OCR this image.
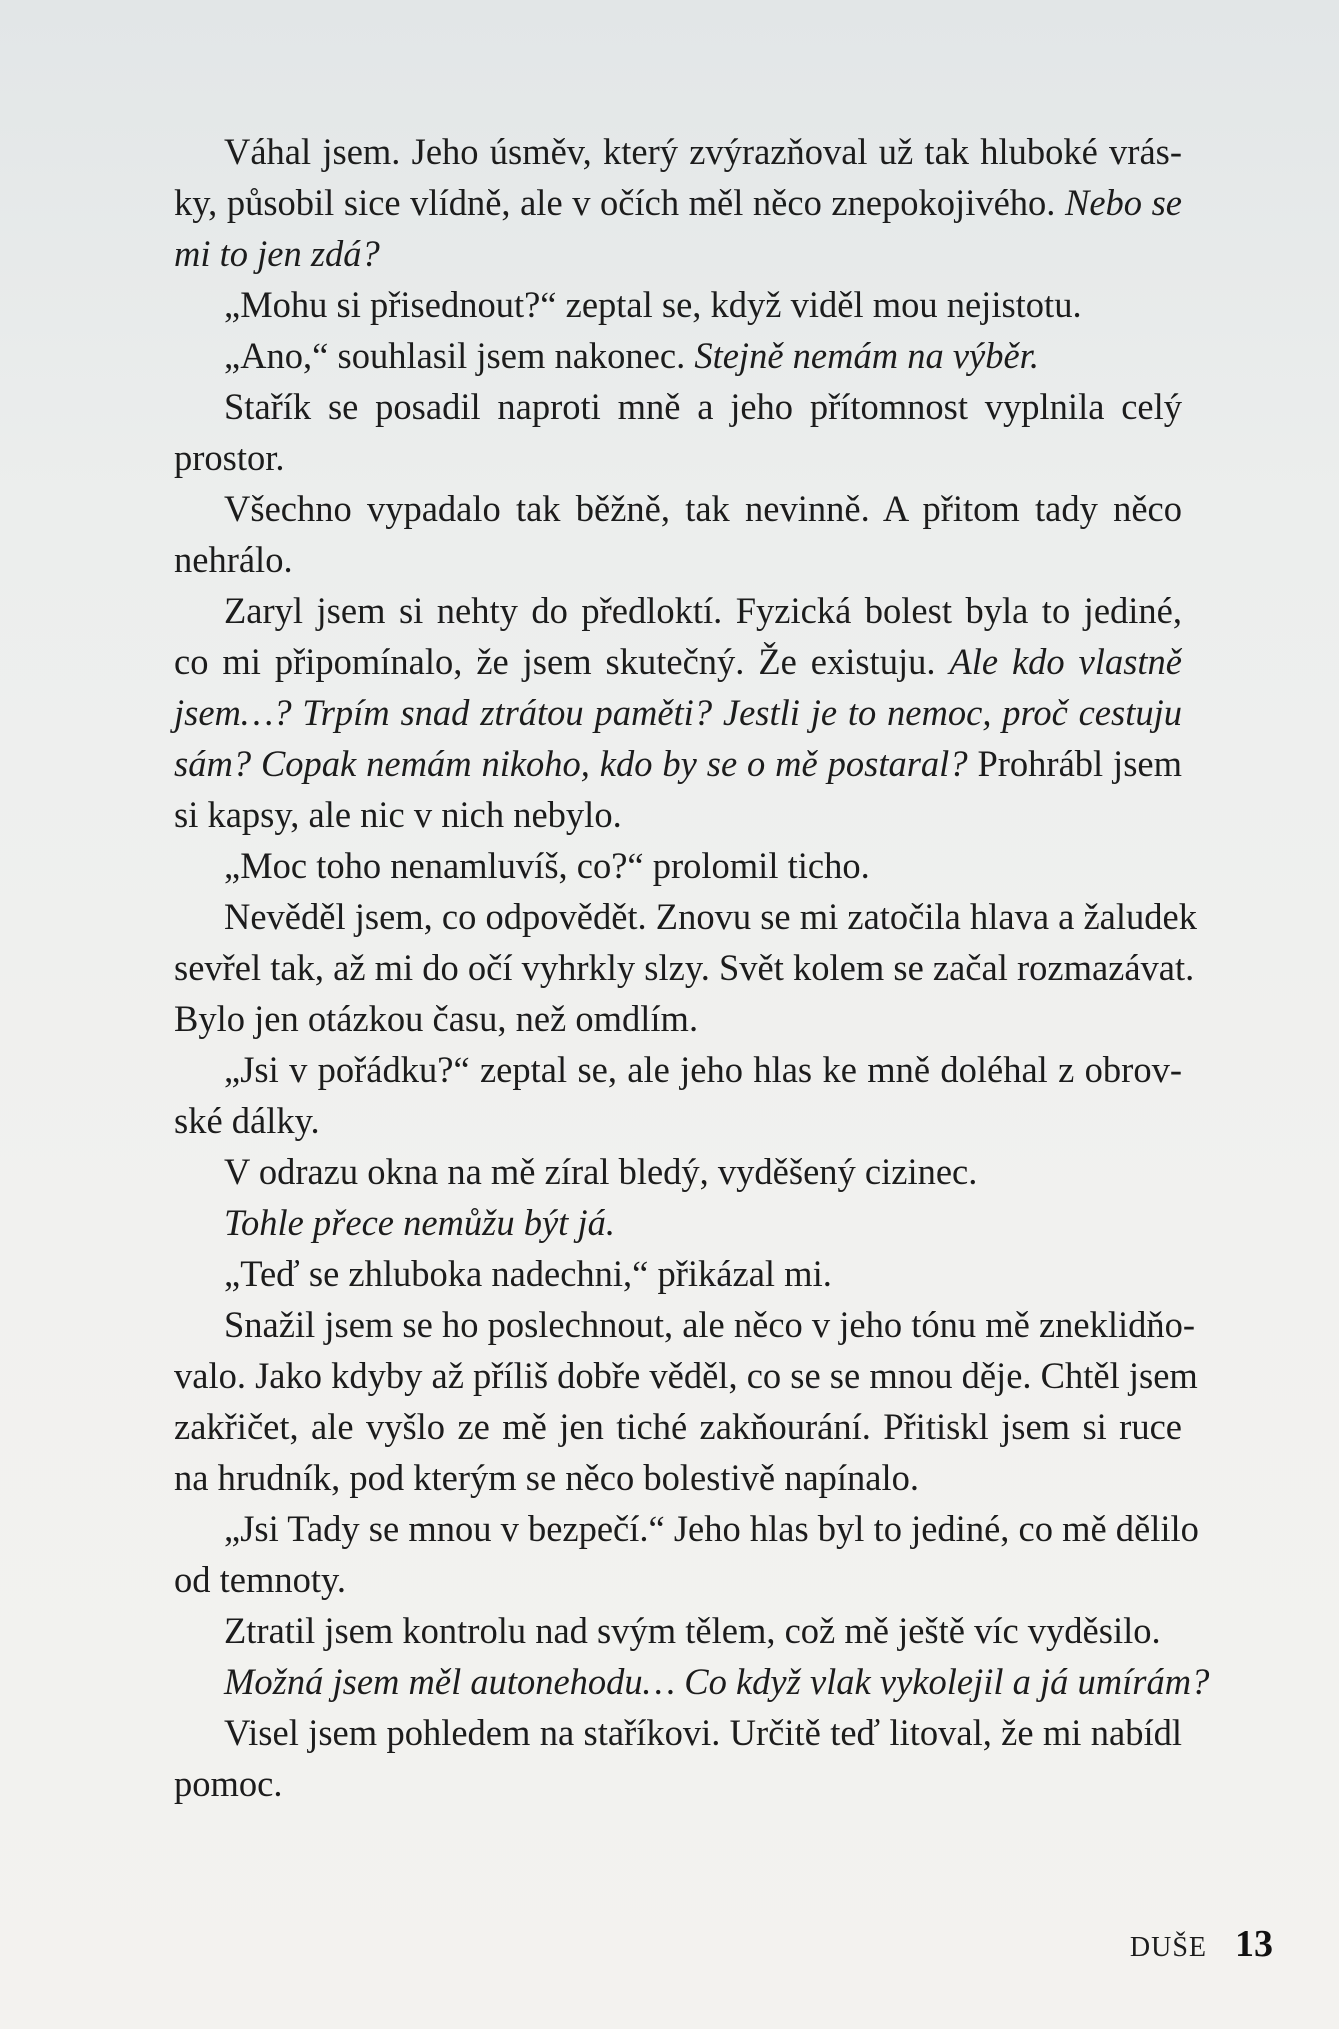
Váhal jsem. Jeho úsměv, který zvýrazňoval už tak hluboké vrás-
ky, působil sice vlídně, ale v očích měl něco znepokojivého. Nebo se
mi to jen zdá?
„Mohu si přisednout?“ zeptal se, když viděl mou nejistotu.
„Ano,“ souhlasil jsem nakonec. Stejně nemám na výběr.
Stařík se posadil naproti mně a jeho přítomnost vyplnila celý
prostor.
Všechno vypadalo tak běžně, tak nevinně. A přitom tady něco
nehrálo.
Zaryl jsem si nehty do předloktí. Fyzická bolest byla to jediné,
co mi připomínalo, že jsem skutečný. Že existuju. Ale kdo vlastně
jsem…? Trpím snad ztrátou paměti? Jestli je to nemoc, proč cestuju
sám? Copak nemám nikoho, kdo by se o mě postaral? Prohrábl jsem
si kapsy, ale nic v nich nebylo.
„Moc toho nenamluvíš, co?“ prolomil ticho.
Nevěděl jsem, co odpovědět. Znovu se mi zatočila hlava a žaludek
sevřel tak, až mi do očí vyhrkly slzy. Svět kolem se začal rozmazávat.
Bylo jen otázkou času, než omdlím.
„Jsi v pořádku?“ zeptal se, ale jeho hlas ke mně doléhal z obrov-
ské dálky.
V odrazu okna na mě zíral bledý, vyděšený cizinec.
Tohle přece nemůžu být já.
„Teď se zhluboka nadechni,“ přikázal mi.
Snažil jsem se ho poslechnout, ale něco v jeho tónu mě zneklidňo-
valo. Jako kdyby až příliš dobře věděl, co se se mnou děje. Chtěl jsem
zakřičet, ale vyšlo ze mě jen tiché zakňourání. Přitiskl jsem si ruce
na hrudník, pod kterým se něco bolestivě napínalo.
„Jsi Tady se mnou v bezpečí.“ Jeho hlas byl to jediné, co mě dělilo
od temnoty.
Ztratil jsem kontrolu nad svým tělem, což mě ještě víc vyděsilo.
Možná jsem měl autonehodu… Co když vlak vykolejil a já umírám?
Visel jsem pohledem na staříkovi. Určitě teď litoval, že mi nabídl
pomoc.
DUŠE 13
